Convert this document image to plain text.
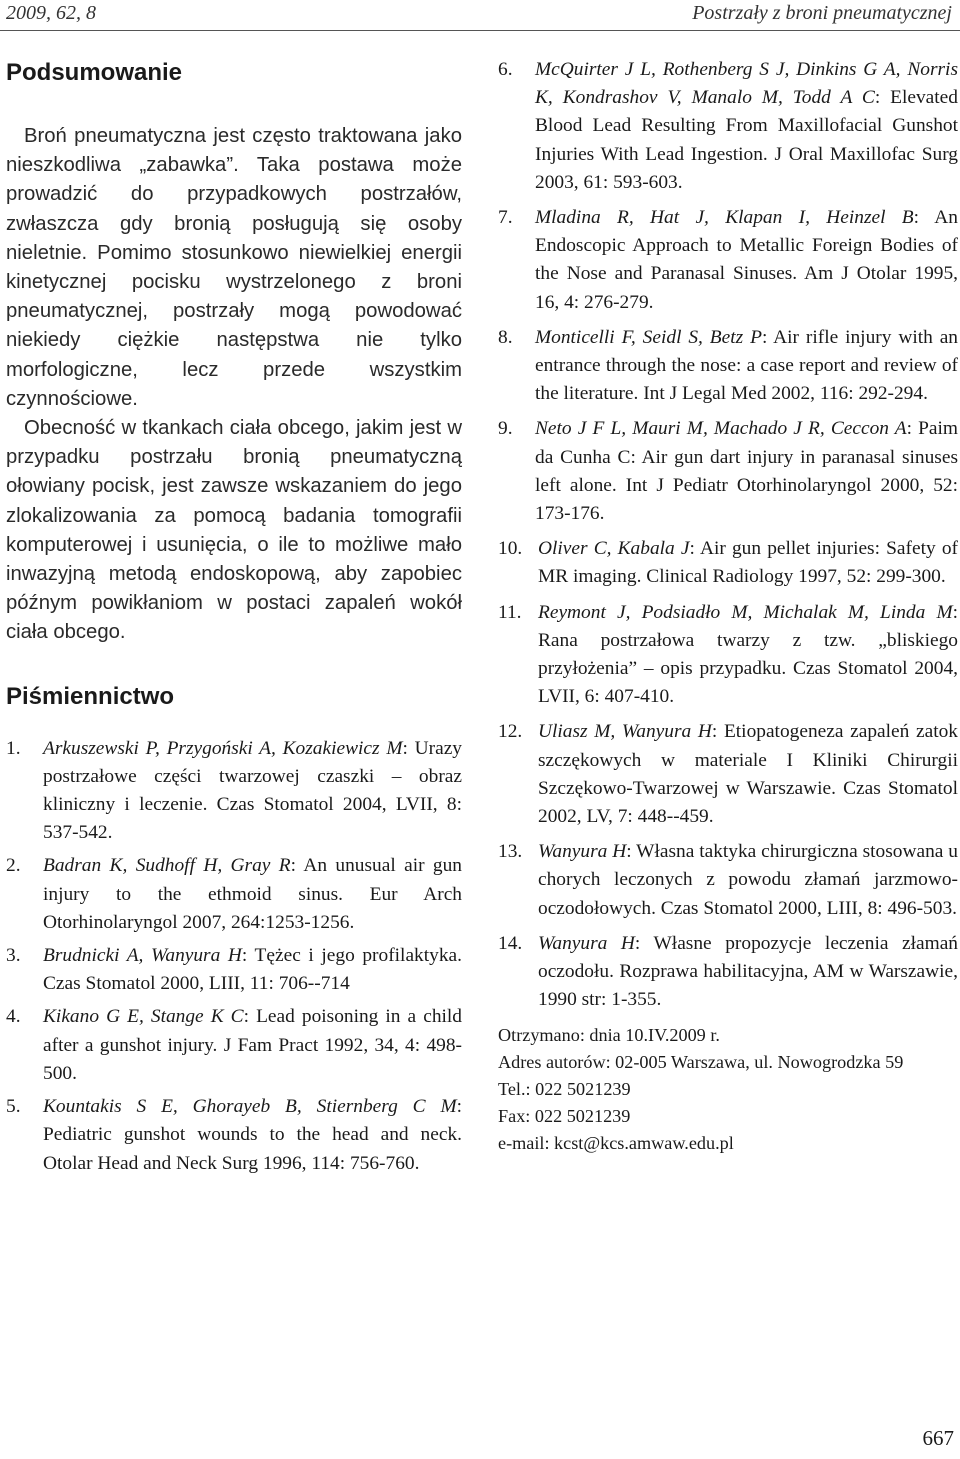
2009, 62, 8	Postrzały z broni pneumatycznej
Podsumowanie

Broń pneumatyczna jest często traktowana jako nieszkodliwa „zabawka”. Taka postawa może prowadzić do przypadkowych postrzałów, zwłaszcza gdy bronią posługują się osoby nieletnie. Pomimo stosunkowo niewielkiej energii kinetycznej pocisku wystrzelonego z broni pneumatycznej, postrzały mogą powodować niekiedy ciężkie następstwa nie tylko morfologiczne, lecz przede wszystkim czynnościowe.

Obecność w tkankach ciała obcego, jakim jest w przypadku postrzału bronią pneumatyczną ołowiany pocisk, jest zawsze wskazaniem do jego zlokalizowania za pomocą badania tomografii komputerowej i usunięcia, o ile to możliwe mało inwazyjną metodą endoskopową, aby zapobiec późnym powikłaniom w postaci zapaleń wokół ciała obcego.

Piśmiennictwo
1. Arkuszewski P, Przygoński A, Kozakiewicz M: Urazy postrzałowe części twarzowej czaszki – obraz kliniczny i leczenie. Czas Stomatol 2004, LVII, 8: 537-542.
2. Badran K, Sudhoff H, Gray R: An unusual air gun injury to the ethmoid sinus. Eur Arch Otorhinolaryngol 2007, 264:1253-1256.
3. Brudnicki A, Wanyura H: Tężec i jego profilaktyka. Czas Stomatol 2000, LIII, 11: 706--714
4. Kikano G E, Stange K C: Lead poisoning in a child after a gunshot injury. J Fam Pract 1992, 34, 4: 498-500.
5. Kountakis S E, Ghorayeb B, Stiernberg C M: Pediatric gunshot wounds to the head and neck. Otolar Head and Neck Surg 1996, 114: 756-760.
6. McQuirter J L, Rothenberg S J, Dinkins G A, Norris K, Kondrashov V, Manalo M, Todd A C: Elevated Blood Lead Resulting From Maxillofacial Gunshot Injuries With Lead Ingestion. J Oral Maxillofac Surg 2003, 61: 593-603.
7. Mladina R, Hat J, Klapan I, Heinzel B: An Endoscopic Approach to Metallic Foreign Bodies of the Nose and Paranasal Sinuses. Am J Otolar 1995, 16, 4: 276-279.
8. Monticelli F, Seidl S, Betz P: Air rifle injury with an entrance through the nose: a case report and review of the literature. Int J Legal Med 2002, 116: 292-294.
9. Neto J F L, Mauri M, Machado J R, Ceccon A: Paim da Cunha C: Air gun dart injury in paranasal sinuses left alone. Int J Pediatr Otorhinolaryngol 2000, 52: 173-176.
10. Oliver C, Kabala J: Air gun pellet injuries: Safety of MR imaging. Clinical Radiology 1997, 52: 299-300.
11. Reymont J, Podsiadło M, Michalak M, Linda M: Rana postrzałowa twarzy z tzw. „bliskiego przyłożenia” – opis przypadku. Czas Stomatol 2004, LVII, 6: 407-410.
12. Uliasz M, Wanyura H: Etiopatogeneza zapaleń zatok szczękowych w materiale I Kliniki Chirurgii Szczękowo-Twarzowej w Warszawie. Czas Stomatol 2002, LV, 7: 448--459.
13. Wanyura H: Własna taktyka chirurgiczna stosowana u chorych leczonych z powodu złamań jarzmowo-oczodołowych. Czas Stomatol 2000, LIII, 8: 496-503.
14. Wanyura H: Własne propozycje leczenia złamań oczodołu. Rozprawa habilitacyjna, AM w Warszawie, 1990 str: 1-355.
Otrzymano: dnia 10.IV.2009 r.
Adres autorów: 02-005 Warszawa, ul. Nowogrodzka 59
Tel.: 022 5021239
Fax: 022 5021239
e-mail: kcst@kcs.amwaw.edu.pl
667
